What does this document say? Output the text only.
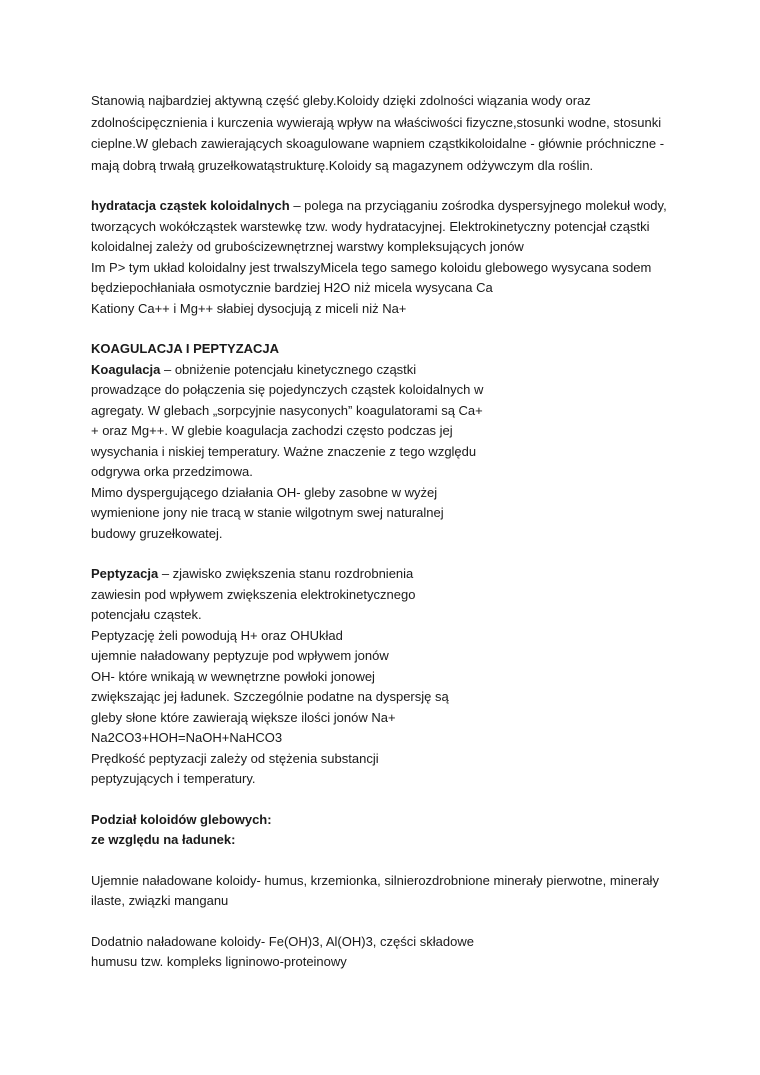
Stanowią najbardziej aktywną część gleby.Koloidy dzięki zdolności wiązania wody oraz
zdolnościpęcznienia i kurczenia wywierają wpływ na właściwości fizyczne,stosunki wodne, stosunki
cieplne.W glebach zawierających skoagulowane wapniem cząstkikoloidalne - głównie próchniczne -
mają dobrą trwałą gruzełkowatąstrukturę.Koloidy są magazynem odżywczym dla roślin.
hydratacja cząstek koloidalnych – polega na przyciąganiu zośrodka dyspersyjnego molekuł wody,
tworzących wokółcząstek warstewkę tzw. wody hydratacyjnej. Elektrokinetyczny potencjał cząstki
koloidalnej zależy od grubościzewnętrznej warstwy kompleksujących jonów
Im P> tym układ koloidalny jest trwalszyMicela tego samego koloidu glebowego wysycana sodem
będziepochłaniała osmotycznie bardziej H2O niż micela wysycana Ca
Kationy Ca++ i Mg++ słabiej dysocjują z miceli niż Na+
KOAGULACJA I PEPTYZACJA
Koagulacja – obniżenie potencjału kinetycznego cząstki
prowadzące do połączenia się pojedynczych cząstek koloidalnych w
agregaty. W glebach „sorpcyjnie nasyconych” koagulatorami są Ca+
+ oraz Mg++. W glebie koagulacja zachodzi często podczas jej
wysychania i niskiej temperatury. Ważne znaczenie z tego względu
odgrywa orka przedzimowa.
Mimo dyspergującego działania OH- gleby zasobne w wyżej
wymienione jony nie tracą w stanie wilgotnym swej naturalnej
budowy gruzełkowatej.
Peptyzacja – zjawisko zwiększenia stanu rozdrobnienia
zawiesin pod wpływem zwiększenia elektrokinetycznego
potencjału cząstek.
Peptyzację żeli powodują H+ oraz OHUkład
ujemnie naładowany peptyzuje pod wpływem jonów
OH- które wnikają w wewnętrzne powłoki jonowej
zwiększając jej ładunek. Szczególnie podatne na dyspersję są
gleby słone które zawierają większe ilości jonów Na+
Na2CO3+HOH=NaOH+NaHCO3
Prędkość peptyzacji zależy od stężenia substancji
peptyzujących i temperatury.
Podział koloidów glebowych:
ze względu na ładunek:
Ujemnie naładowane koloidy- humus, krzemionka, silnierozdrobnione minerały pierwotne, minerały
ilaste, związki manganu
Dodatnio naładowane koloidy- Fe(OH)3, Al(OH)3, części składowe
humusu tzw. kompleks ligninowo-proteinowy
